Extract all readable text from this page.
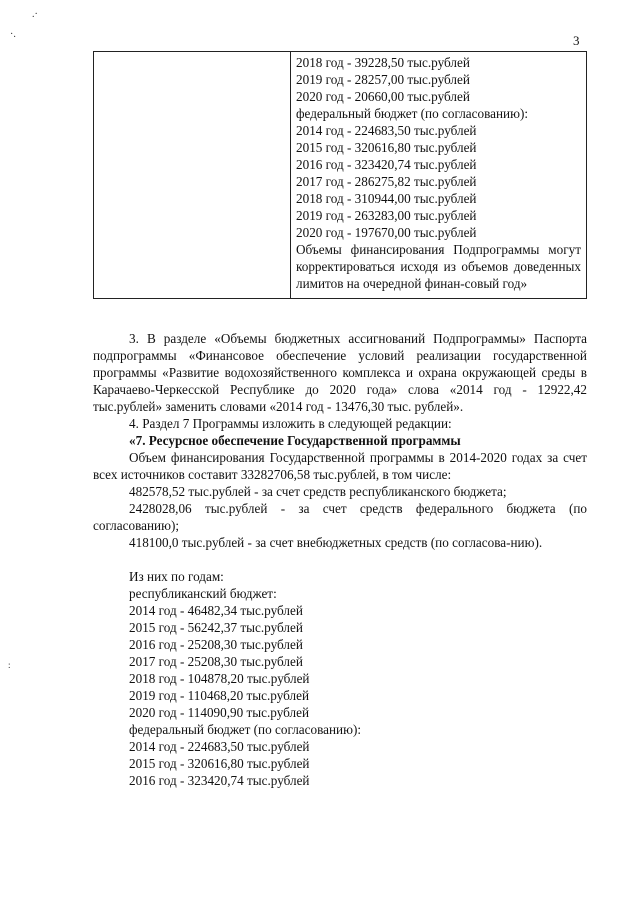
.·
·.
:
3

2018 год - 39228,50 тыс.рублей
2019 год - 28257,00 тыс.рублей
2020 год - 20660,00 тыс.рублей
федеральный бюджет (по согласованию):
2014 год - 224683,50 тыс.рублей
2015 год - 320616,80 тыс.рублей
2016 год - 323420,74 тыс.рублей
2017 год - 286275,82 тыс.рублей
2018 год - 310944,00 тыс.рублей
2019 год - 263283,00 тыс.рублей
2020 год - 197670,00 тыс.рублей
Объемы финансирования Подпрограммы могут корректироваться исходя из объемов доведенных лимитов на очередной финан-совый год»

3. В разделе «Объемы бюджетных ассигнований Подпрограммы» Паспорта подпрограммы «Финансовое обеспечение условий реализации государственной программы «Развитие водохозяйственного комплекса и охрана окружающей среды в Карачаево-Черкесской Республике до 2020 года» слова «2014 год - 12922,42 тыс.рублей» заменить словами «2014 год - 13476,30 тыс. рублей».

4. Раздел 7 Программы изложить в следующей редакции:

«7. Ресурсное обеспечение Государственной программы

Объем финансирования Государственной программы в 2014-2020 годах за счет всех источников составит 33282706,58 тыс.рублей, в том числе:

482578,52 тыс.рублей - за счет средств республиканского бюджета;

2428028,06 тыс.рублей - за счет средств федерального бюджета (по согласованию);

418100,0 тыс.рублей - за счет внебюджетных средств (по согласова-нию).

Из них по годам:
республиканский бюджет:
2014 год - 46482,34 тыс.рублей
2015 год - 56242,37 тыс.рублей
2016 год - 25208,30 тыс.рублей
2017 год - 25208,30 тыс.рублей
2018 год - 104878,20 тыс.рублей
2019 год - 110468,20 тыс.рублей
2020 год - 114090,90 тыс.рублей
федеральный бюджет (по согласованию):
2014 год - 224683,50 тыс.рублей
2015 год - 320616,80 тыс.рублей
2016 год - 323420,74 тыс.рублей
